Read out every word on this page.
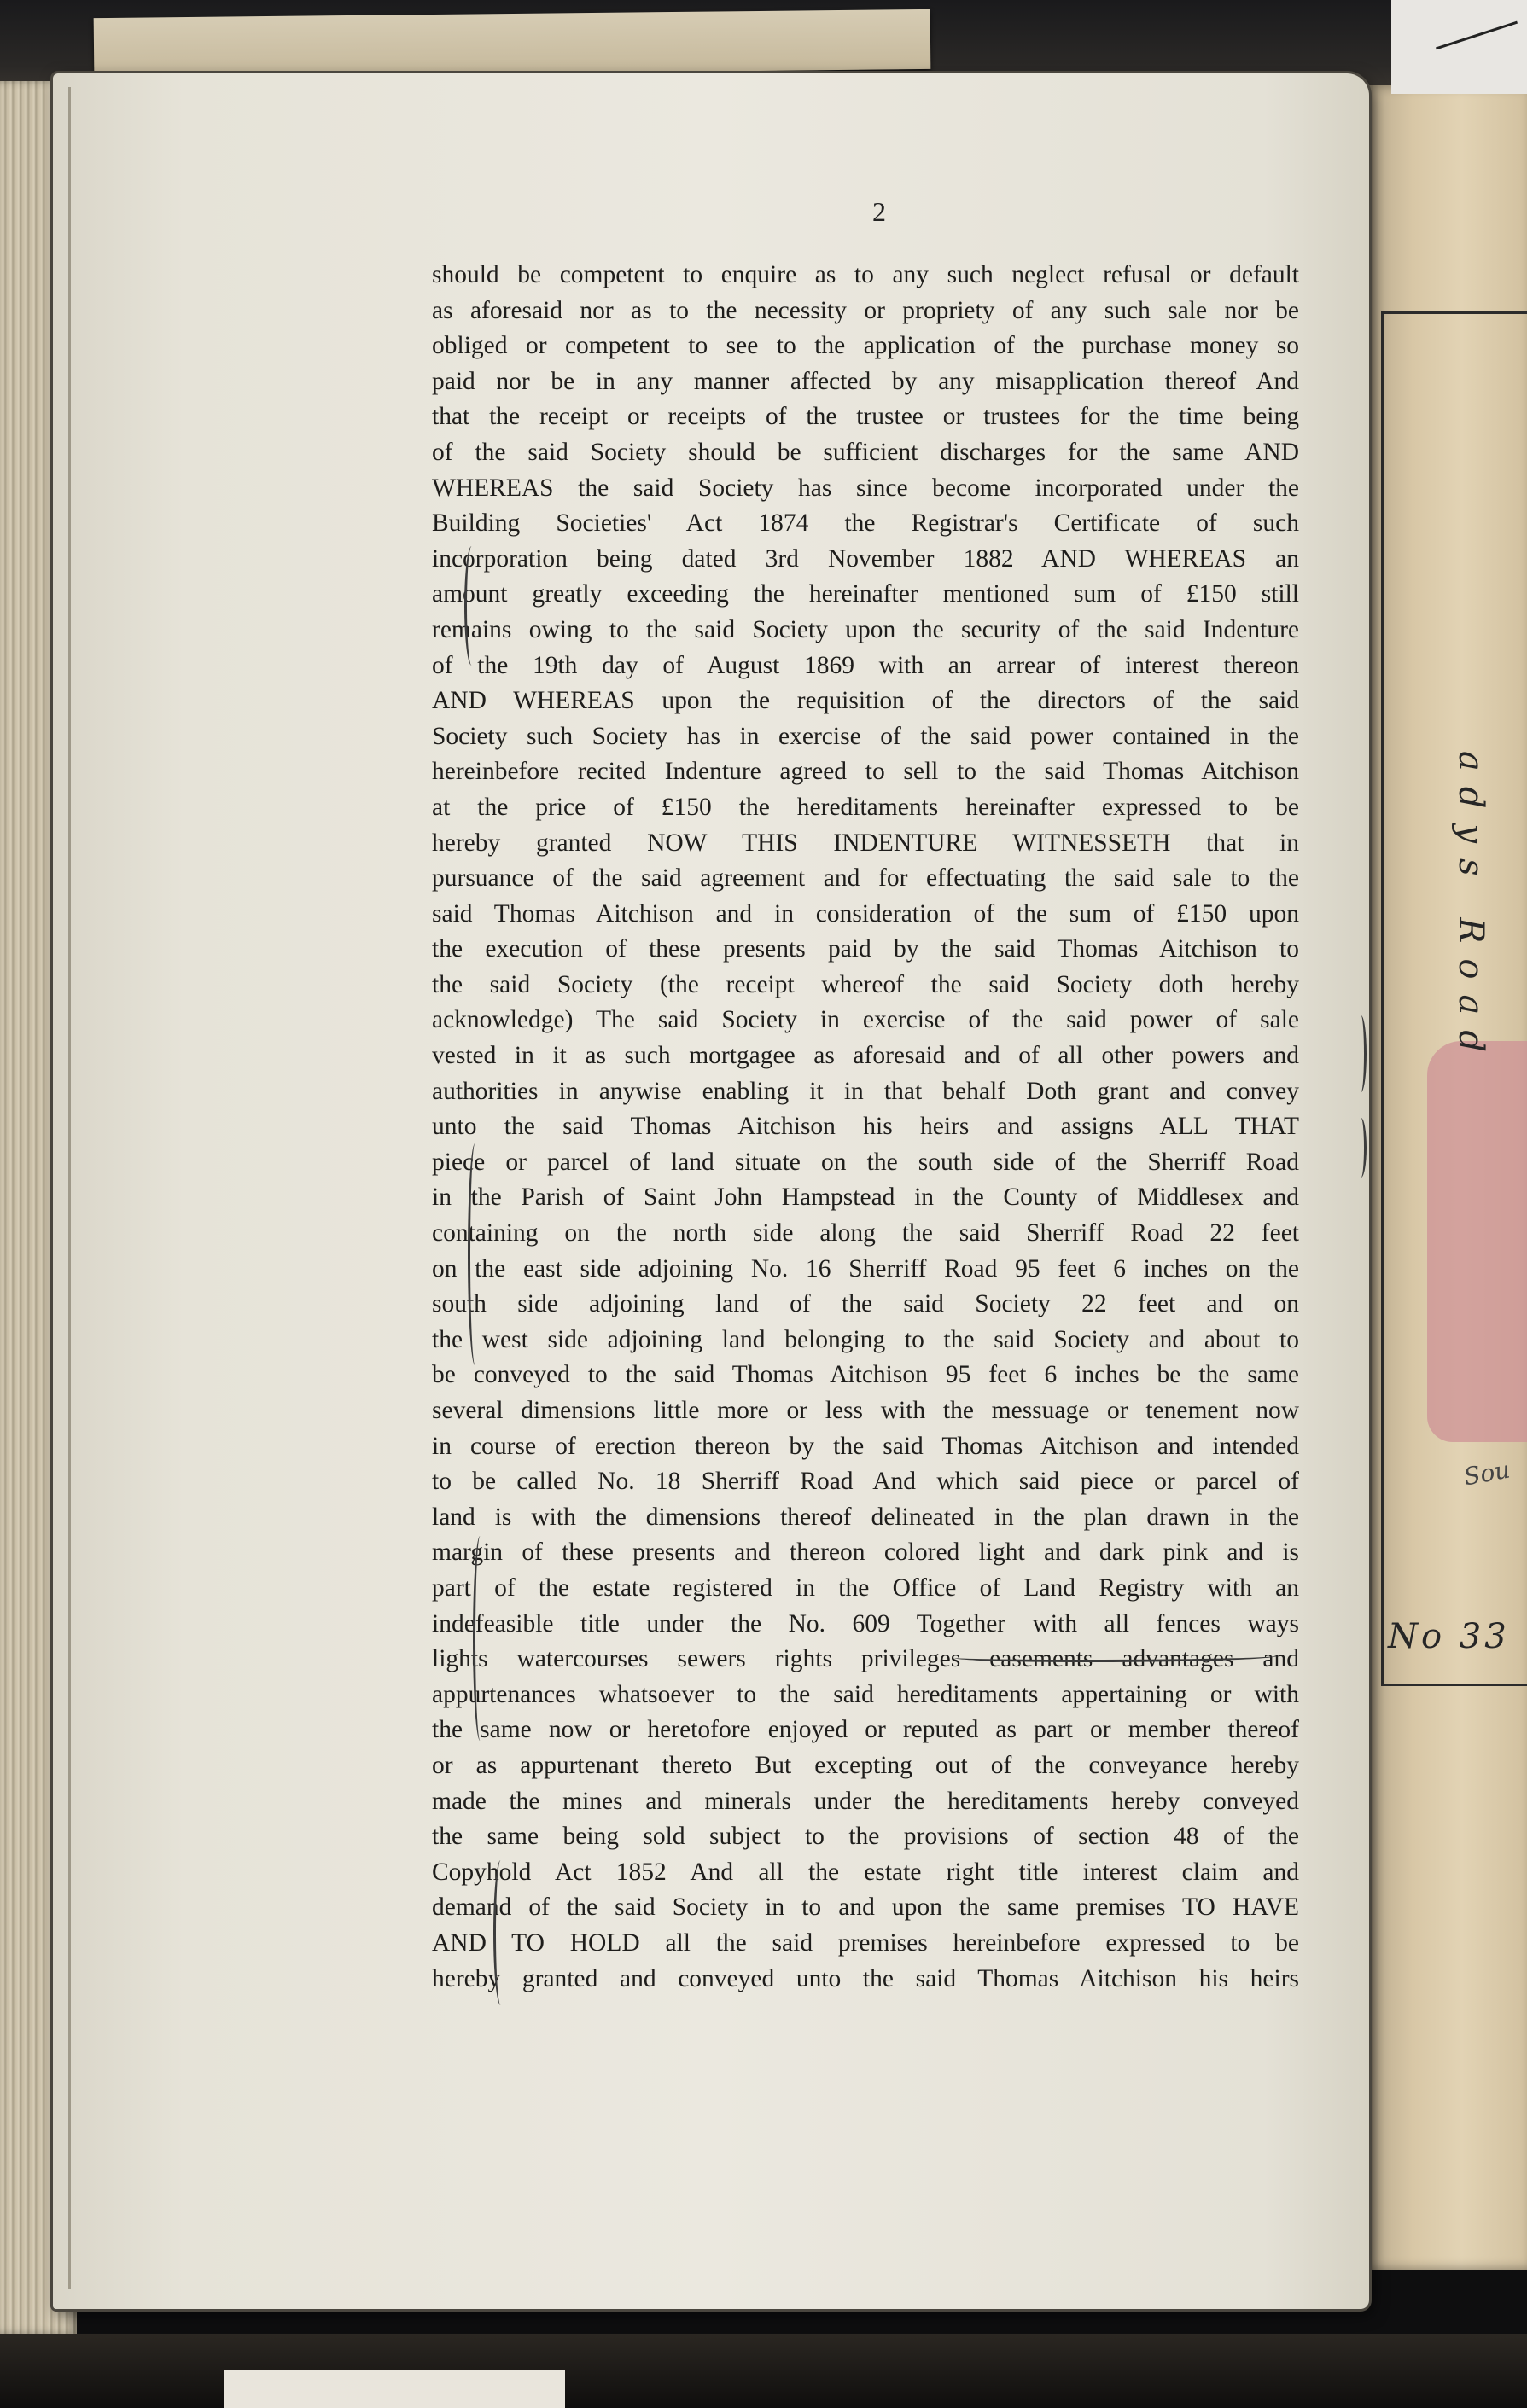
adys Road
Sou
No 33
2
should be competent to enquire as to any such neglect refusal or default
as aforesaid nor as to the necessity or propriety of any such sale nor be
obliged or competent to see to the application of the purchase money so
paid nor be in any manner affected by any misapplication thereof And
that the receipt or receipts of the trustee or trustees for the time being
of the said Society should be sufficient discharges for the same AND
WHEREAS the said Society has since become incorporated under the
Building Societies' Act 1874 the Registrar's Certificate of such
incorporation being dated 3rd November 1882 AND WHEREAS an
amount greatly exceeding the hereinafter mentioned sum of £150 still
remains owing to the said Society upon the security of the said Indenture
of the 19th day of August 1869 with an arrear of interest thereon
AND WHEREAS upon the requisition of the directors of the said
Society such Society has in exercise of the said power contained in the
hereinbefore recited Indenture agreed to sell to the said Thomas Aitchison
at the price of £150 the hereditaments hereinafter expressed to be
hereby granted NOW THIS INDENTURE WITNESSETH that in
pursuance of the said agreement and for effectuating the said sale to the
said Thomas Aitchison and in consideration of the sum of £150 upon
the execution of these presents paid by the said Thomas Aitchison to
the said Society (the receipt whereof the said Society doth hereby
acknowledge) The said Society in exercise of the said power of sale
vested in it as such mortgagee as aforesaid and of all other powers and
authorities in anywise enabling it in that behalf Doth grant and convey
unto the said Thomas Aitchison his heirs and assigns ALL THAT
piece or parcel of land situate on the south side of the Sherriff Road
in the Parish of Saint John Hampstead in the County of Middlesex and
containing on the north side along the said Sherriff Road 22 feet
on the east side adjoining No. 16 Sherriff Road 95 feet 6 inches on the
south side adjoining land of the said Society 22 feet and on
the west side adjoining land belonging to the said Society and about to
be conveyed to the said Thomas Aitchison 95 feet 6 inches be the same
several dimensions little more or less with the messuage or tenement now
in course of erection thereon by the said Thomas Aitchison and intended
to be called No. 18 Sherriff Road And which said piece or parcel of
land is with the dimensions thereof delineated in the plan drawn in the
margin of these presents and thereon colored light and dark pink and is
part of the estate registered in the Office of Land Registry with an
indefeasible title under the No. 609 Together with all fences ways
lights watercourses sewers rights privileges easements advantages and
appurtenances whatsoever to the said hereditaments appertaining or with
the same now or heretofore enjoyed or reputed as part or member thereof
or as appurtenant thereto But excepting out of the conveyance hereby
made the mines and minerals under the hereditaments hereby conveyed
the same being sold subject to the provisions of section 48 of the
Copyhold Act 1852 And all the estate right title interest claim and
demand of the said Society in to and upon the same premises TO HAVE
AND TO HOLD all the said premises hereinbefore expressed to be
hereby granted and conveyed unto the said Thomas Aitchison his heirs
